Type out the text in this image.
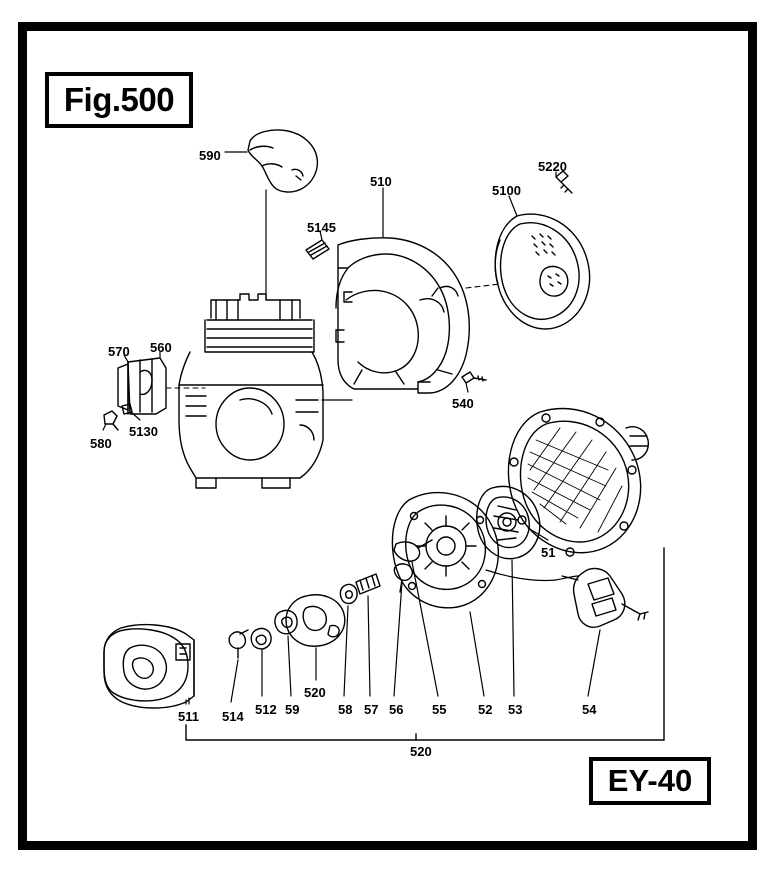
Fig.500
EY-40
590
510
5100
5220
5145
570 560
540
5130
580
51
520
511 514 512 59	58 57 56 55 52 53	54
520
